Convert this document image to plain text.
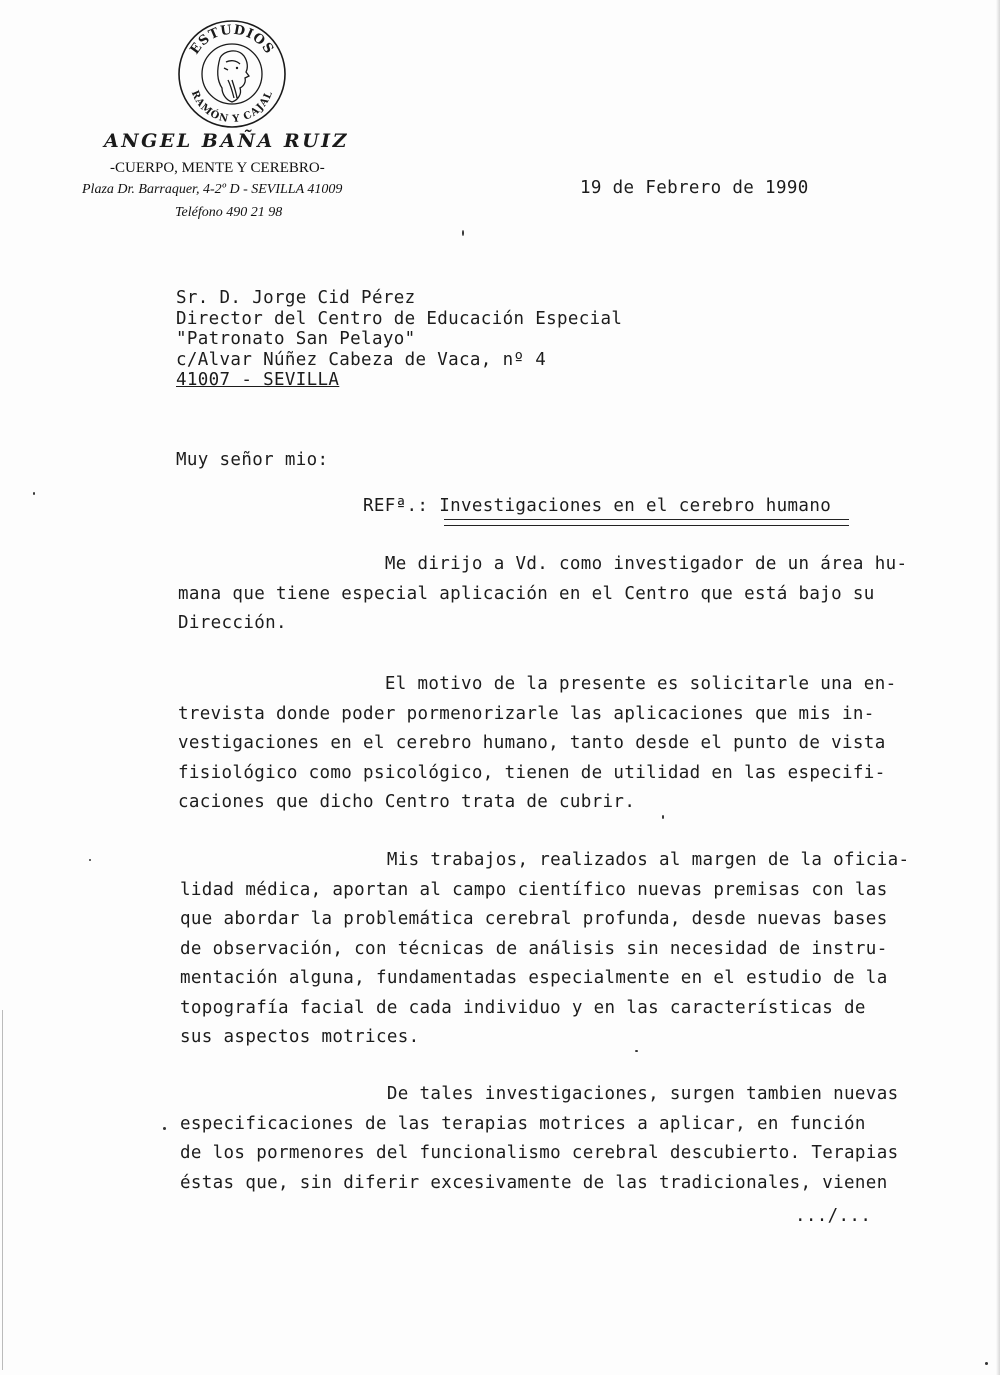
ESTUDIOS
RAMÓN Y CAJAL
ANGEL BAÑA RUIZ
-CUERPO, MENTE Y CEREBRO-
Plaza Dr. Barraquer, 4-2º D - SEVILLA 41009
Teléfono 490 21 98
19 de Febrero de 1990
Sr. D. Jorge Cid Pérez
Director del Centro de Educación Especial
"Patronato San Pelayo"
c/Alvar Núñez Cabeza de Vaca, nº 4
41007 - SEVILLA
Muy señor mio:
REFª.: Investigaciones en el cerebro humano
Me dirijo a Vd. como investigador de un área hu-
mana que tiene especial aplicación en el Centro que está bajo su
Dirección.
El motivo de la presente es solicitarle una en-
trevista donde poder pormenorizarle las aplicaciones que mis in-
vestigaciones en el cerebro humano, tanto desde el punto de vista
fisiológico como psicológico, tienen de utilidad en las especifi-
caciones que dicho Centro trata de cubrir.
Mis trabajos, realizados al margen de la oficia-
lidad médica, aportan al campo científico nuevas premisas con las
que abordar la problemática cerebral profunda, desde nuevas bases
de observación, con técnicas de análisis sin necesidad de instru-
mentación alguna, fundamentadas especialmente en el estudio de la
topografía facial de cada individuo y en las características de
sus aspectos motrices.
De tales investigaciones, surgen tambien nuevas
especificaciones de las terapias motrices a aplicar, en función
de los pormenores del funcionalismo cerebral descubierto. Terapias
éstas que, sin diferir excesivamente de las tradicionales, vienen
.../...
